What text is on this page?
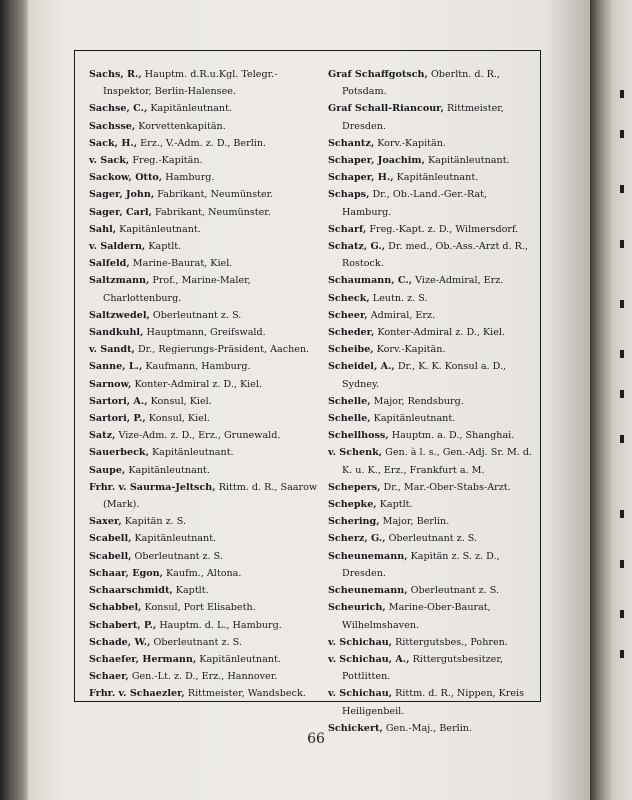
Sachs, R., Hauptm. d.R.u.Kgl. Telegr.-Inspektor, Berlin-Halensee.
Sachse, C., Kapitänleutnant.
Sachsse, Korvettenkapitän.
Sack, H., Erz., V.-Adm. z. D., Berlin.
v. Sack, Freg.-Kapitän.
Sackow, Otto, Hamburg.
Sager, John, Fabrikant, Neumünster.
Sager, Carl, Fabrikant, Neumünster.
Sahl, Kapitänleutnant.
v. Saldern, Kaptlt.
Salfeld, Marine-Baurat, Kiel.
Saltzmann, Prof., Marine-Maler, Charlottenburg.
Saltzwedel, Oberleutnant z. S.
Sandkuhl, Hauptmann, Greifswald.
v. Sandt, Dr., Regierungs-Präsident, Aachen.
Sanne, L., Kaufmann, Hamburg.
Sarnow, Konter-Admiral z. D., Kiel.
Sartori, A., Konsul, Kiel.
Sartori, P., Konsul, Kiel.
Satz, Vize-Adm. z. D., Erz., Grunewald.
Sauerbeck, Kapitänleutnant.
Saupe, Kapitänleutnant.
Frhr. v. Saurma-Jeltsch, Rittm. d. R., Saarow (Mark).
Saxer, Kapitän z. S.
Scabell, Kapitänleutnant.
Scabell, Oberleutnant z. S.
Schaar, Egon, Kaufm., Altona.
Schaarschmidt, Kaptlt.
Schabbel, Konsul, Port Elisabeth.
Schabert, P., Hauptm. d. L., Hamburg.
Schade, W., Oberleutnant z. S.
Schaefer, Hermann, Kapitänleutnant.
Schaer, Gen.-Lt. z. D., Erz., Hannover.
Frhr. v. Schaezler, Rittmeister, Wandsbeck.
Graf Schaffgotsch, Oberltn. d. R., Potsdam.
Graf Schall-Riancour, Rittmeister, Dresden.
Schantz, Korv.-Kapitän.
Schaper, Joachim, Kapitänleutnant.
Schaper, H., Kapitänleutnant.
Schaps, Dr., Ob.-Land.-Ger.-Rat, Hamburg.
Scharf, Freg.-Kapt. z. D., Wilmersdorf.
Schatz, G., Dr. med., Ob.-Ass.-Arzt d. R., Rostock.
Schaumann, C., Vize-Admiral, Erz.
Scheck, Leutn. z. S.
Scheer, Admiral, Erz.
Scheder, Konter-Admiral z. D., Kiel.
Scheibe, Korv.-Kapitän.
Scheidel, A., Dr., K. K. Konsul a. D., Sydney.
Schelle, Major, Rendsburg.
Schelle, Kapitänleutnant.
Schellhoss, Hauptm. a. D., Shanghai.
v. Schenk, Gen. à l. s., Gen.-Adj. Sr. M. d. K. u. K., Erz., Frankfurt a. M.
Schepers, Dr., Mar.-Ober-Stabs-Arzt.
Schepke, Kaptlt.
Schering, Major, Berlin.
Scherz, G., Oberleutnant z. S.
Scheunemann, Kapitän z. S. z. D., Dresden.
Scheunemann, Oberleutnant z. S.
Scheurich, Marine-Ober-Baurat, Wilhelmshaven.
v. Schichau, Rittergutsbes., Pohren.
v. Schichau, A., Rittergutsbesitzer, Pottlitten.
v. Schichau, Rittm. d. R., Nippen, Kreis Heiligenbeil.
Schickert, Gen.-Maj., Berlin.
66
